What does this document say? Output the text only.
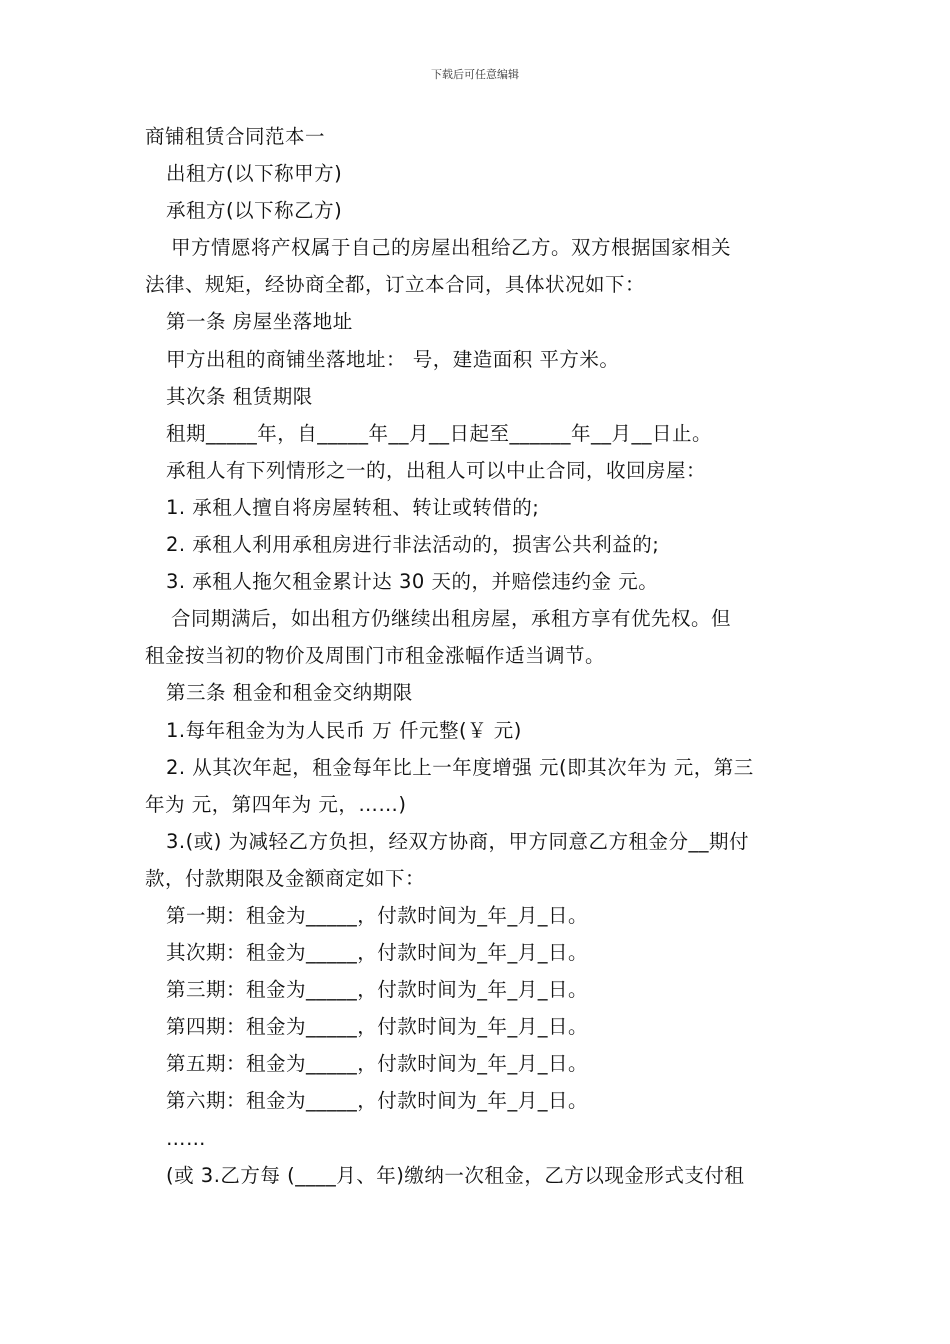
下载后可任意编辑
商铺租赁合同范本一
出租方(以下称甲方)
承租方(以下称乙方)
甲方情愿将产权属于自己的房屋出租给乙方。双方根据国家相关
法律、规矩，经协商全都，订立本合同，具体状况如下：
第一条 房屋坐落地址
甲方出租的商铺坐落地址： 号，建造面积 平方米。
其次条 租赁期限
租期_____年，自_____年__月__日起至______年__月__日止。
承租人有下列情形之一的，出租人可以中止合同，收回房屋：
1. 承租人擅自将房屋转租、转让或转借的;
2. 承租人利用承租房进行非法活动的，损害公共利益的;
3. 承租人拖欠租金累计达 30 天的，并赔偿违约金 元。
合同期满后，如出租方仍继续出租房屋，承租方享有优先权。但
租金按当初的物价及周围门市租金涨幅作适当调节。
第三条 租金和租金交纳期限
1.每年租金为为人民币 万 仟元整(￥ 元)
2. 从其次年起，租金每年比上一年度增强 元(即其次年为 元，第三
年为 元，第四年为 元，……)
3.(或) 为减轻乙方负担，经双方协商，甲方同意乙方租金分__期付
款，付款期限及金额商定如下：
第一期：租金为_____，付款时间为_年_月_日。
其次期：租金为_____，付款时间为_年_月_日。
第三期：租金为_____，付款时间为_年_月_日。
第四期：租金为_____，付款时间为_年_月_日。
第五期：租金为_____，付款时间为_年_月_日。
第六期：租金为_____，付款时间为_年_月_日。
……
(或 3.乙方每 (____月、年)缴纳一次租金，乙方以现金形式支付租
